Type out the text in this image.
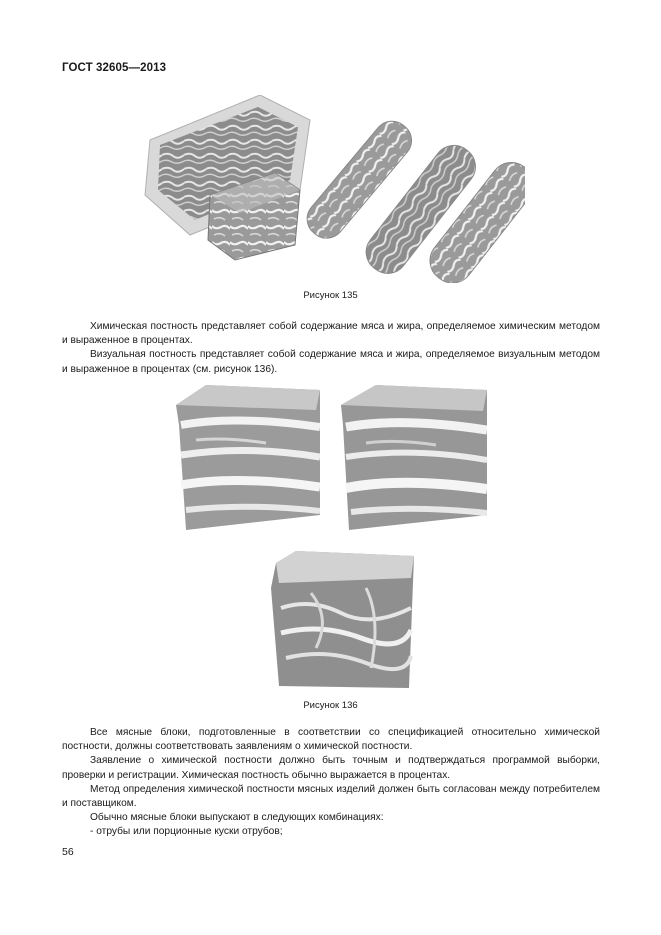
ГОСТ 32605—2013
Рисунок 135

Химическая постность представляет собой содержание мяса и жира, определяемое химическим методом и выраженное в процентах.

Визуальная постность представляет собой содержание мяса и жира, определяемое визуальным методом и выраженное в процентах (см. рисунок 136).

Рисунок 136

Все мясные блоки, подготовленные в соответствии со спецификацией относительно химической постности, должны соответствовать заявлениям о химической постности.

Заявление о химической постности должно быть точным и подтверждаться программой выборки, проверки и регистрации. Химическая постность обычно выражается в процентах.

Метод определения химической постности мясных изделий должен быть согласован между потребителем и поставщиком.

Обычно мясные блоки выпускают в следующих комбинациях:

- отрубы или порционные куски отрубов;

56
